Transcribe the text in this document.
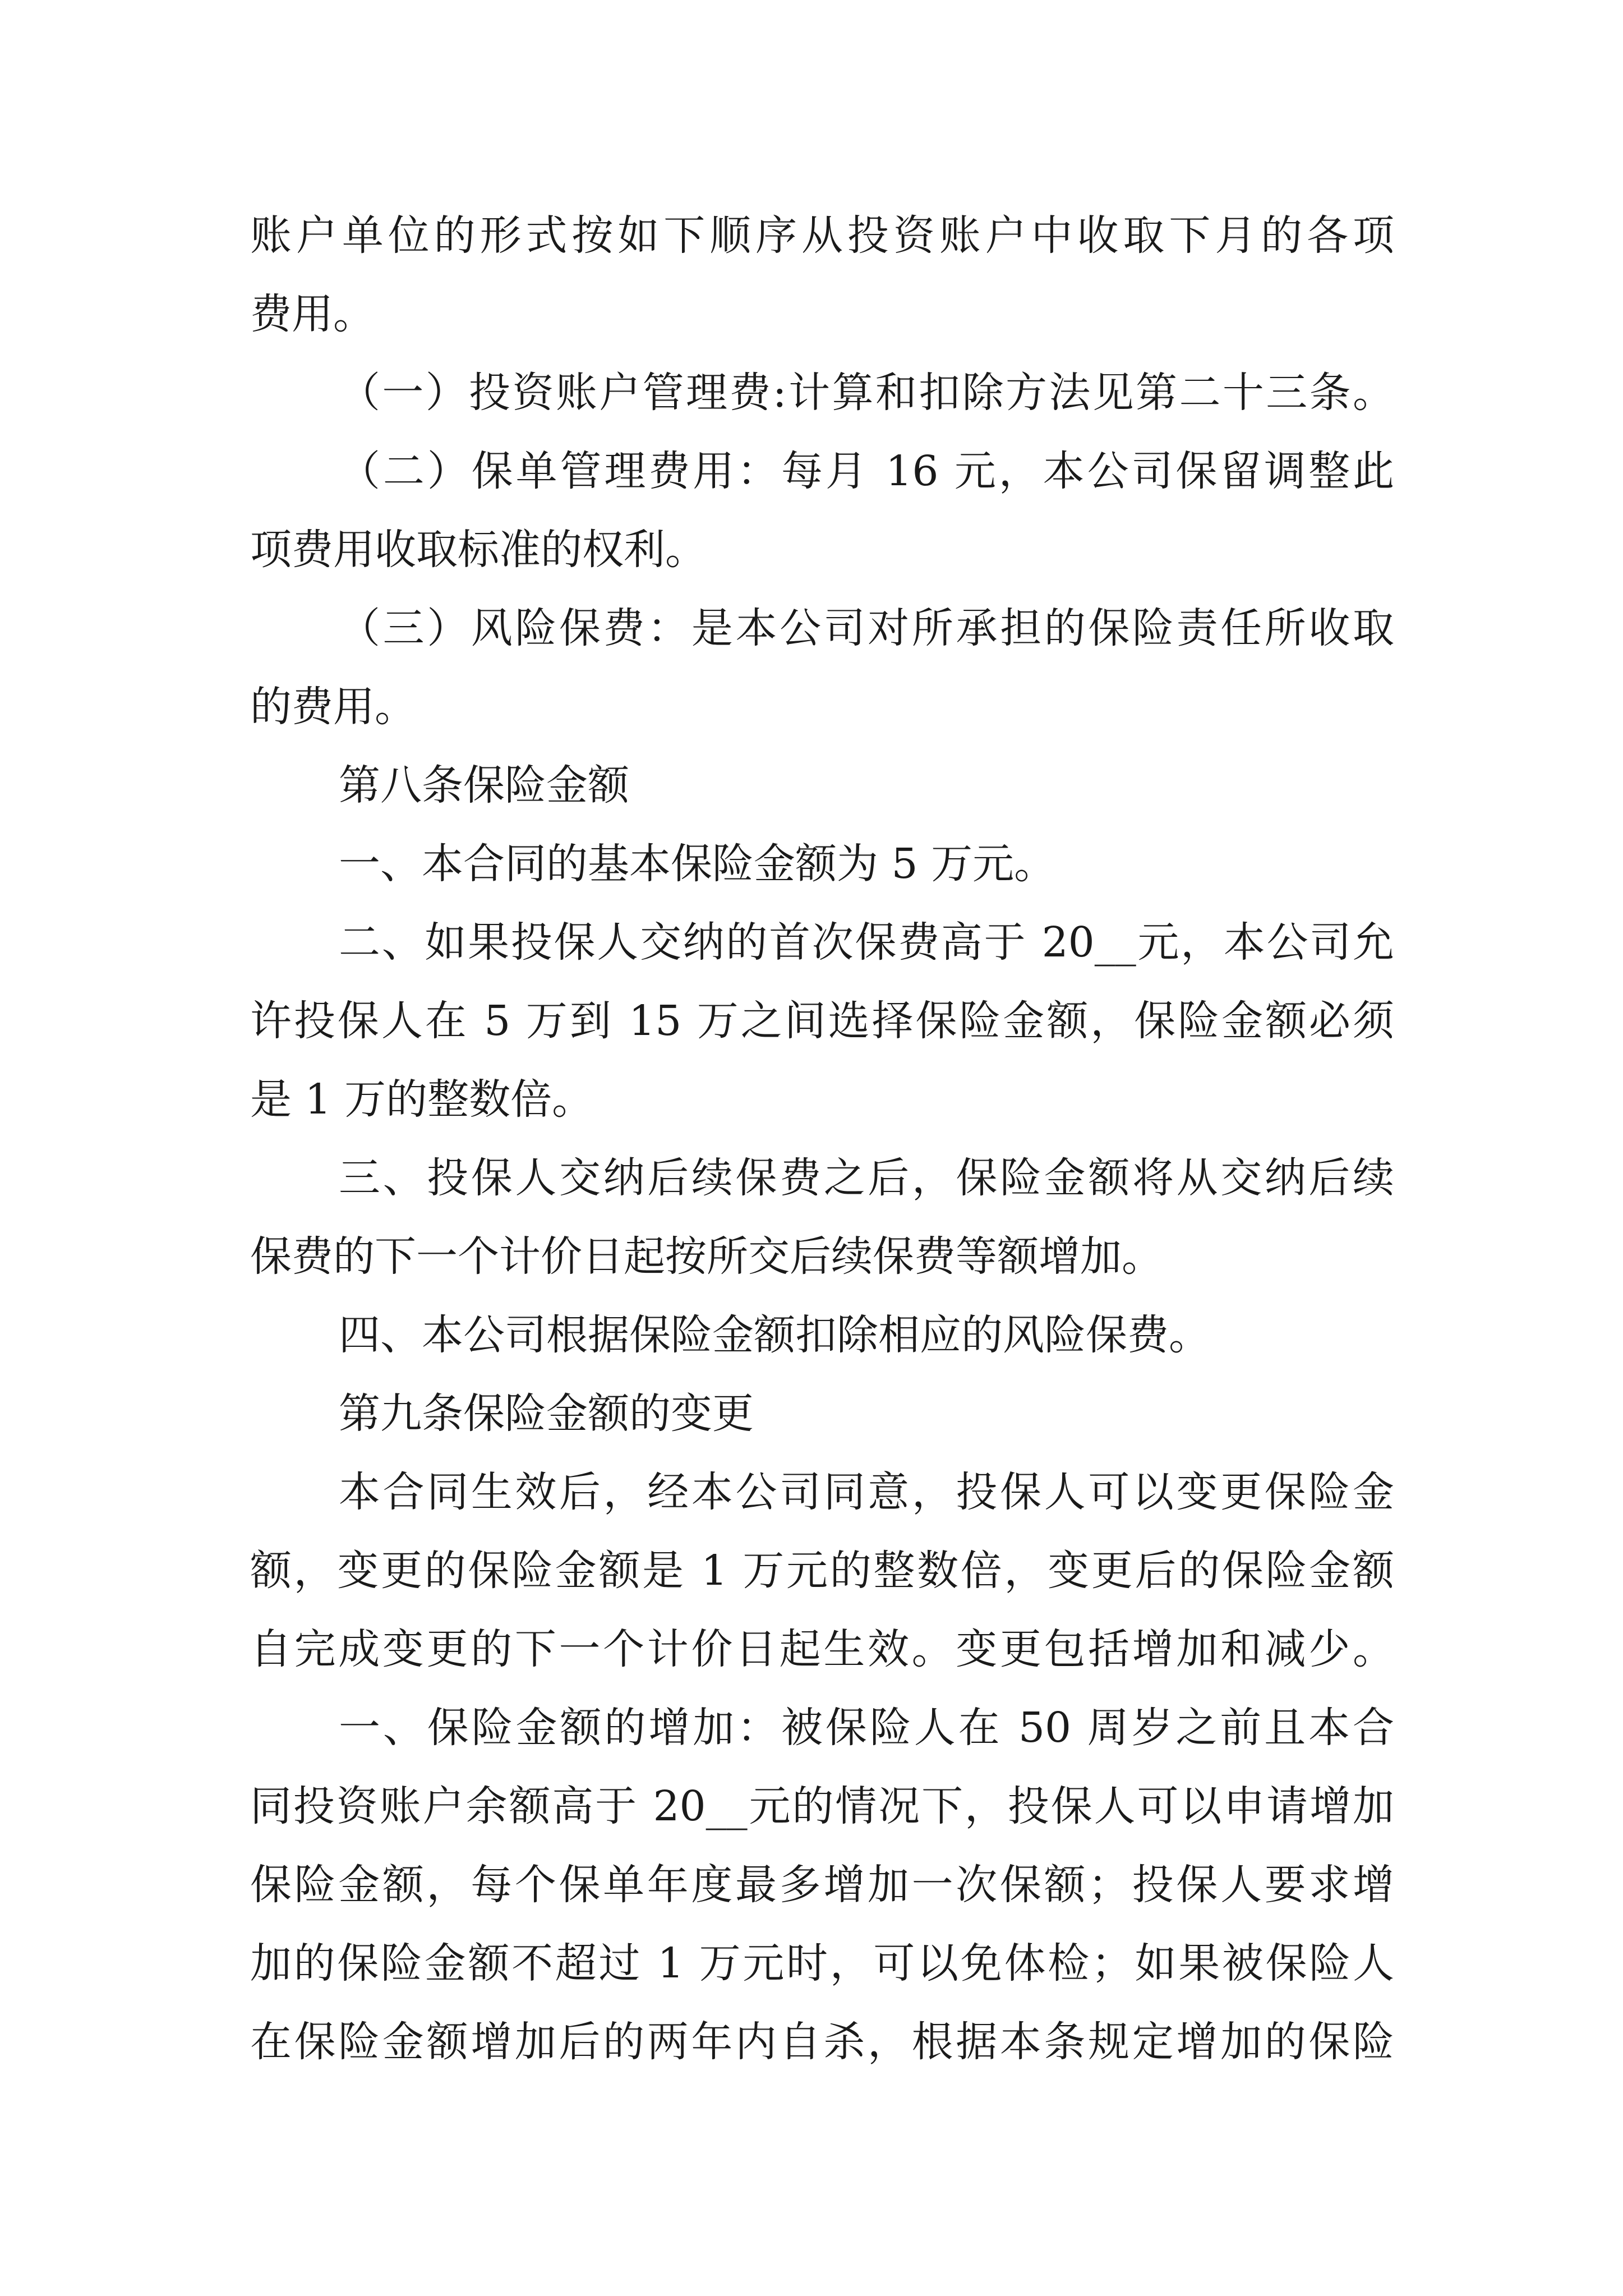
账户单位的形式按如下顺序从投资账户中收取下月的各项
费用。
（一）投资账户管理费:计算和扣除方法见第二十三条。
（二）保单管理费用：每月 16 元，本公司保留调整此
项费用收取标准的权利。
（三）风险保费：是本公司对所承担的保险责任所收取
的费用。
第八条保险金额
一、本合同的基本保险金额为 5 万元。
二、如果投保人交纳的首次保费高于 20__元，本公司允
许投保人在 5 万到 15 万之间选择保险金额，保险金额必须
是 1 万的整数倍。
三、投保人交纳后续保费之后，保险金额将从交纳后续
保费的下一个计价日起按所交后续保费等额增加。
四、本公司根据保险金额扣除相应的风险保费。
第九条保险金额的变更
本合同生效后，经本公司同意，投保人可以变更保险金
额，变更的保险金额是 1 万元的整数倍，变更后的保险金额
自完成变更的下一个计价日起生效。变更包括增加和减少。
一、保险金额的增加：被保险人在 50 周岁之前且本合
同投资账户余额高于 20__元的情况下，投保人可以申请增加
保险金额，每个保单年度最多增加一次保额；投保人要求增
加的保险金额不超过 1 万元时，可以免体检；如果被保险人
在保险金额增加后的两年内自杀，根据本条规定增加的保险
